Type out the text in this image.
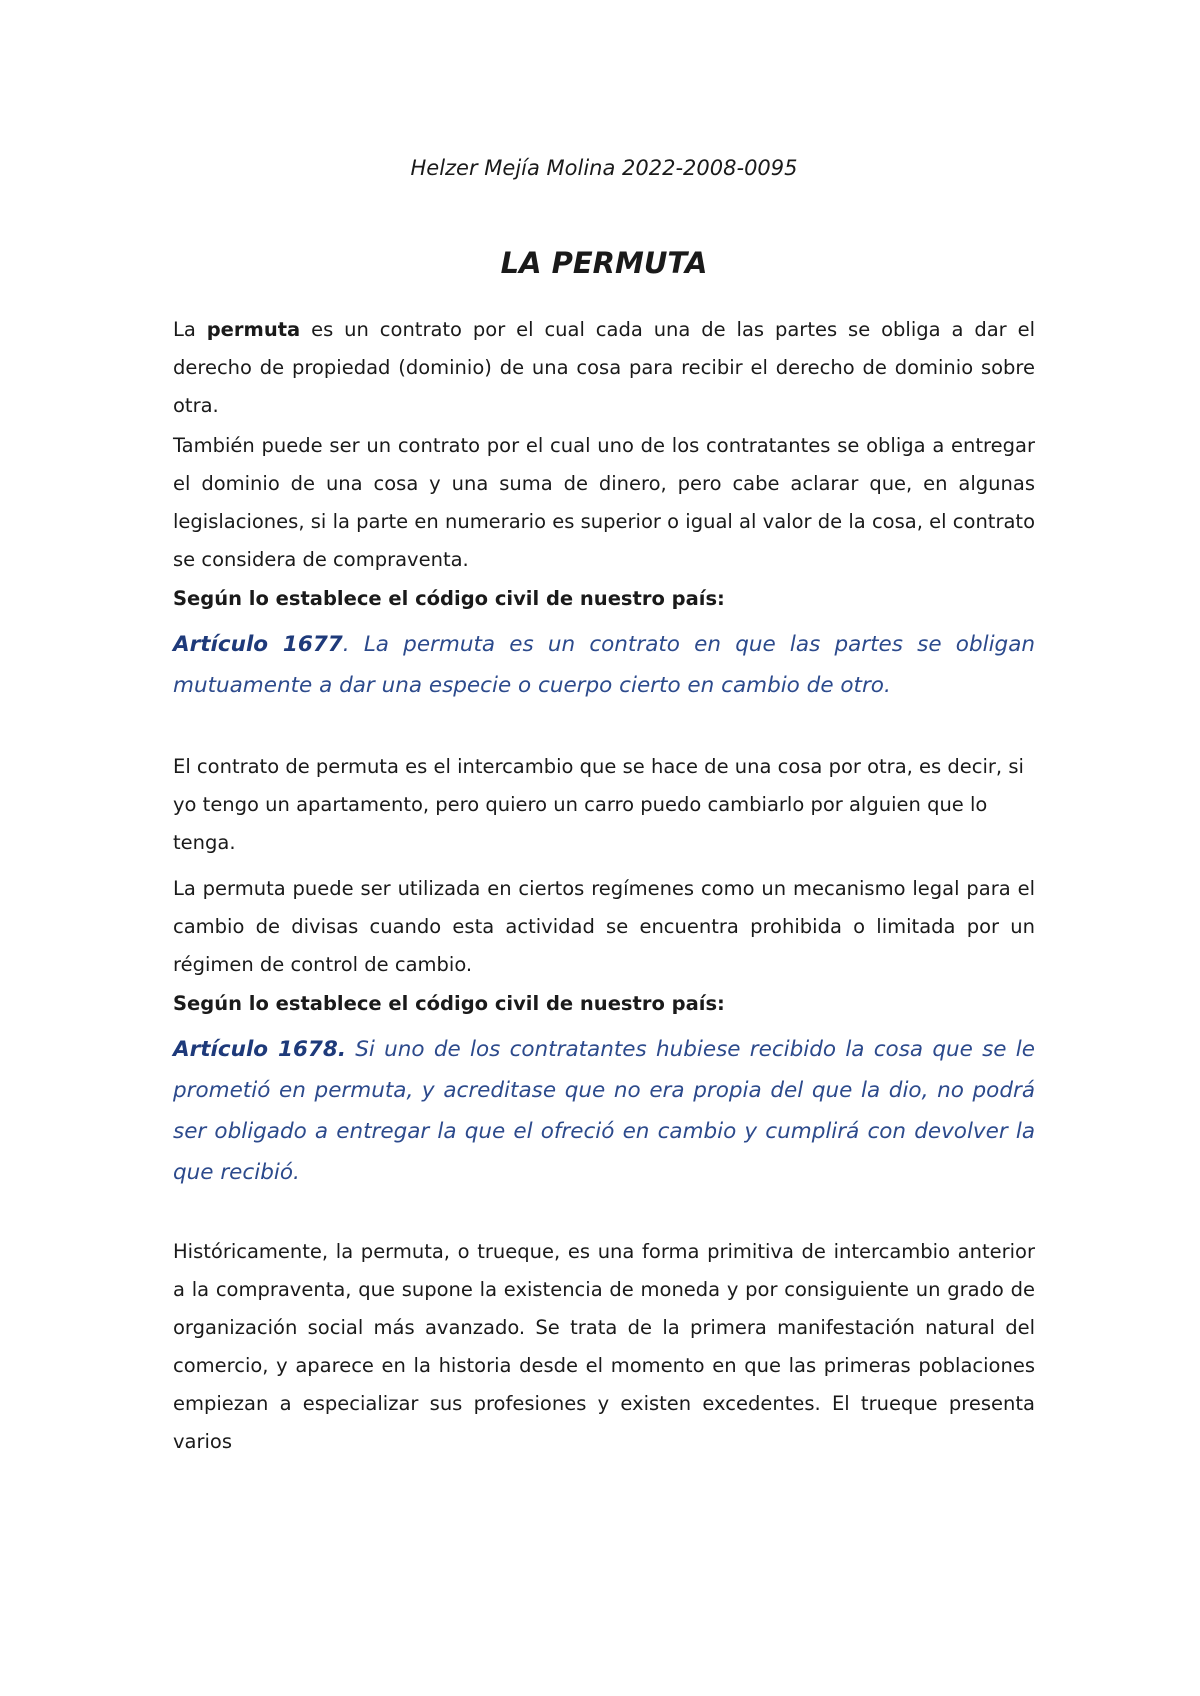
Helzer Mejía Molina 2022-2008-0095

LA PERMUTA

La permuta es un contrato por el cual cada una de las partes se obliga a dar el derecho de propiedad (dominio) de una cosa para recibir el derecho de dominio sobre otra.

También puede ser un contrato por el cual uno de los contratantes se obliga a entregar el dominio de una cosa y una suma de dinero, pero cabe aclarar que, en algunas legislaciones, si la parte en numerario es superior o igual al valor de la cosa, el contrato se considera de compraventa.

Según lo establece el código civil de nuestro país:

Artículo 1677. La permuta es un contrato en que las partes se obligan mutuamente a dar una especie o cuerpo cierto en cambio de otro.

El contrato de permuta es el intercambio que se hace de una cosa por otra, es decir, si yo tengo un apartamento, pero quiero un carro puedo cambiarlo por alguien que lo tenga.

La permuta puede ser utilizada en ciertos regímenes como un mecanismo legal para el cambio de divisas cuando esta actividad se encuentra prohibida o limitada por un régimen de control de cambio.

Según lo establece el código civil de nuestro país:

Artículo 1678. Si uno de los contratantes hubiese recibido la cosa que se le prometió en permuta, y acreditase que no era propia del que la dio, no podrá ser obligado a entregar la que el ofreció en cambio y cumplirá con devolver la que recibió.

Históricamente, la permuta, o trueque, es una forma primitiva de intercambio anterior a la compraventa, que supone la existencia de moneda y por consiguiente un grado de organización social más avanzado. Se trata de la primera manifestación natural del comercio, y aparece en la historia desde el momento en que las primeras poblaciones empiezan a especializar sus profesiones y existen excedentes. El trueque presenta varios
